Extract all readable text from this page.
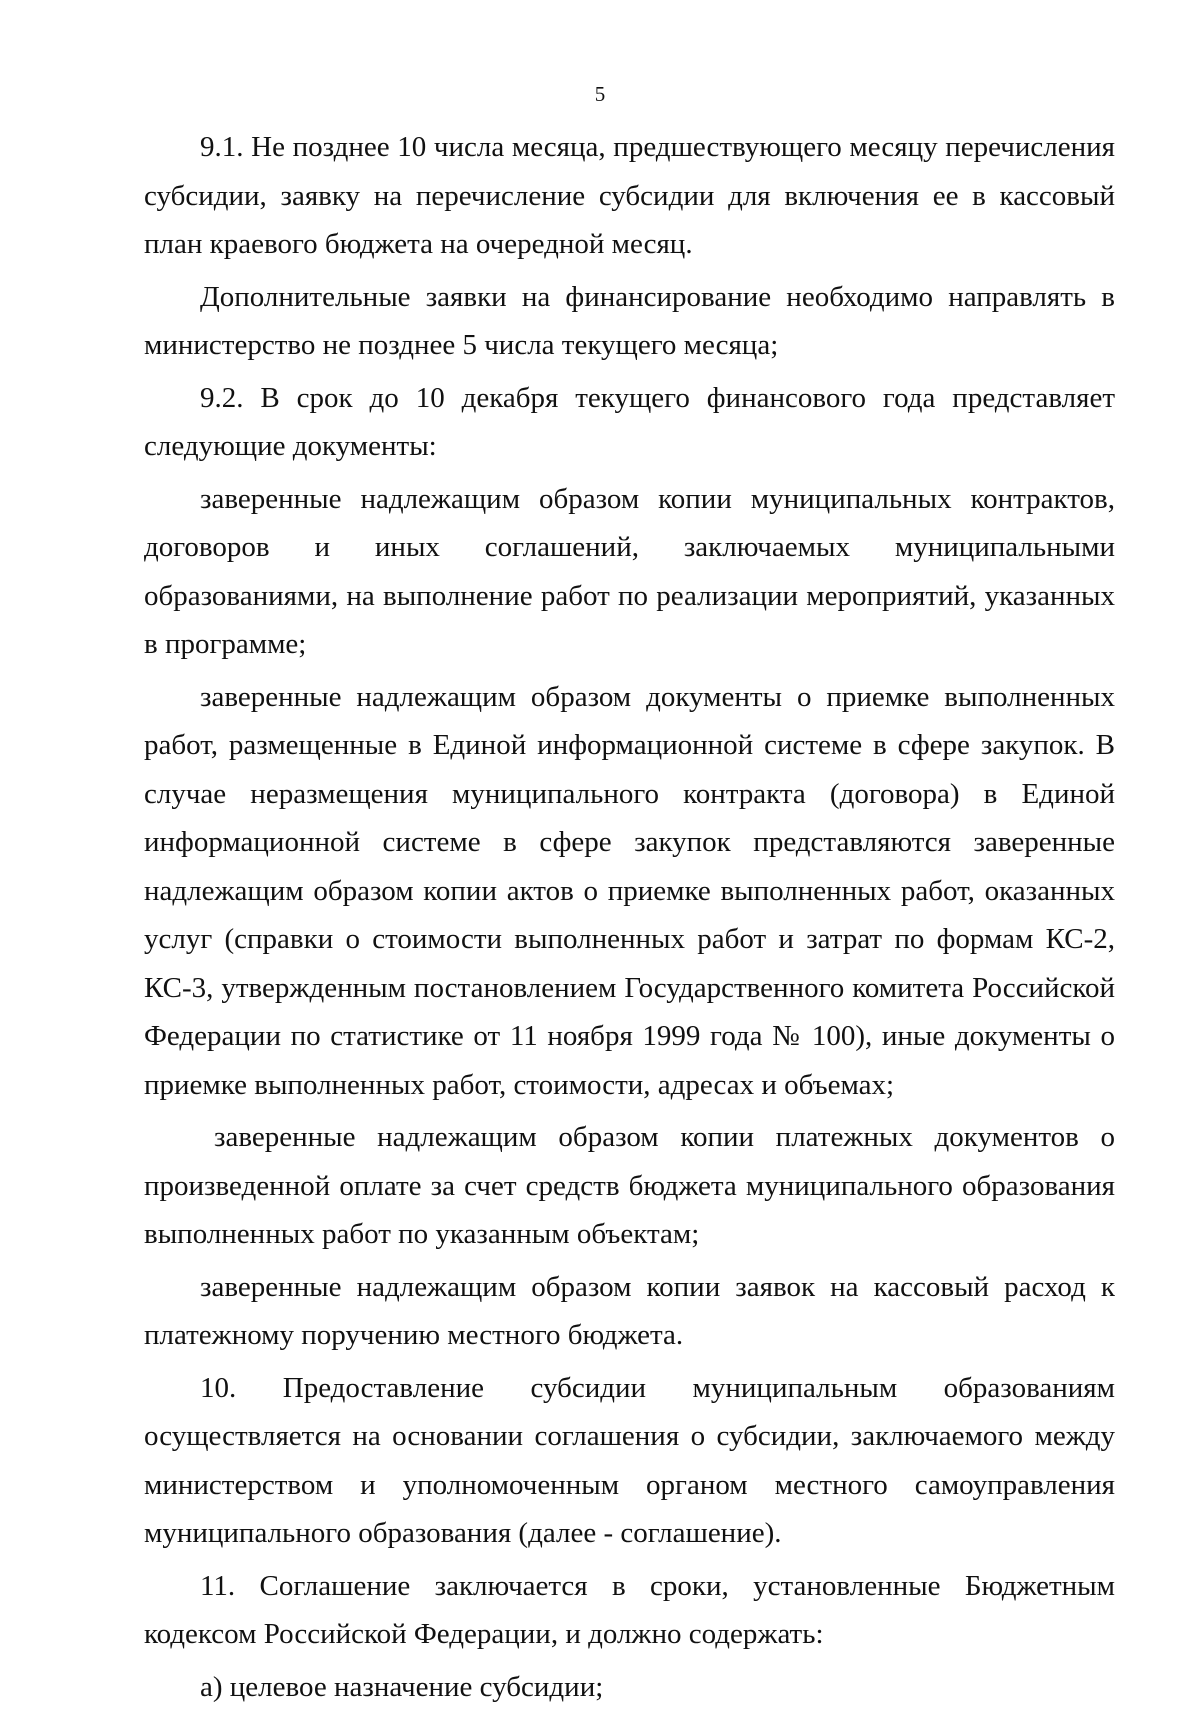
5

9.1. Не позднее 10 числа месяца, предшествующего месяцу перечисления субсидии, заявку на перечисление субсидии для включения ее в кассовый план краевого бюджета на очередной месяц.

Дополнительные заявки на финансирование необходимо направлять в министерство не позднее 5 числа текущего месяца;

9.2. В срок до 10 декабря текущего финансового года представляет следующие документы:

заверенные надлежащим образом копии муниципальных контрактов, договоров и иных соглашений, заключаемых муниципальными образованиями, на выполнение работ по реализации мероприятий, указанных в программе;

заверенные надлежащим образом документы о приемке выполненных работ, размещенные в Единой информационной системе в сфере закупок. В случае неразмещения муниципального контракта (договора) в Единой информационной системе в сфере закупок представляются заверенные надлежащим образом копии актов о приемке выполненных работ, оказанных услуг (справки о стоимости выполненных работ и затрат по формам КС-2, КС-3, утвержденным постановлением Государственного комитета Российской Федерации по статистике от 11 ноября 1999 года № 100), иные документы о приемке выполненных работ, стоимости, адресах и объемах;

заверенные надлежащим образом копии платежных документов о произведенной оплате за счет средств бюджета муниципального образования выполненных работ по указанным объектам;

заверенные надлежащим образом копии заявок на кассовый расход к платежному поручению местного бюджета.

10. Предоставление субсидии муниципальным образованиям осуществляется на основании соглашения о субсидии, заключаемого между министерством и уполномоченным органом местного самоуправления муниципального образования (далее - соглашение).

11. Соглашение заключается в сроки, установленные Бюджетным кодексом Российской Федерации, и должно содержать:

а) целевое назначение субсидии;
